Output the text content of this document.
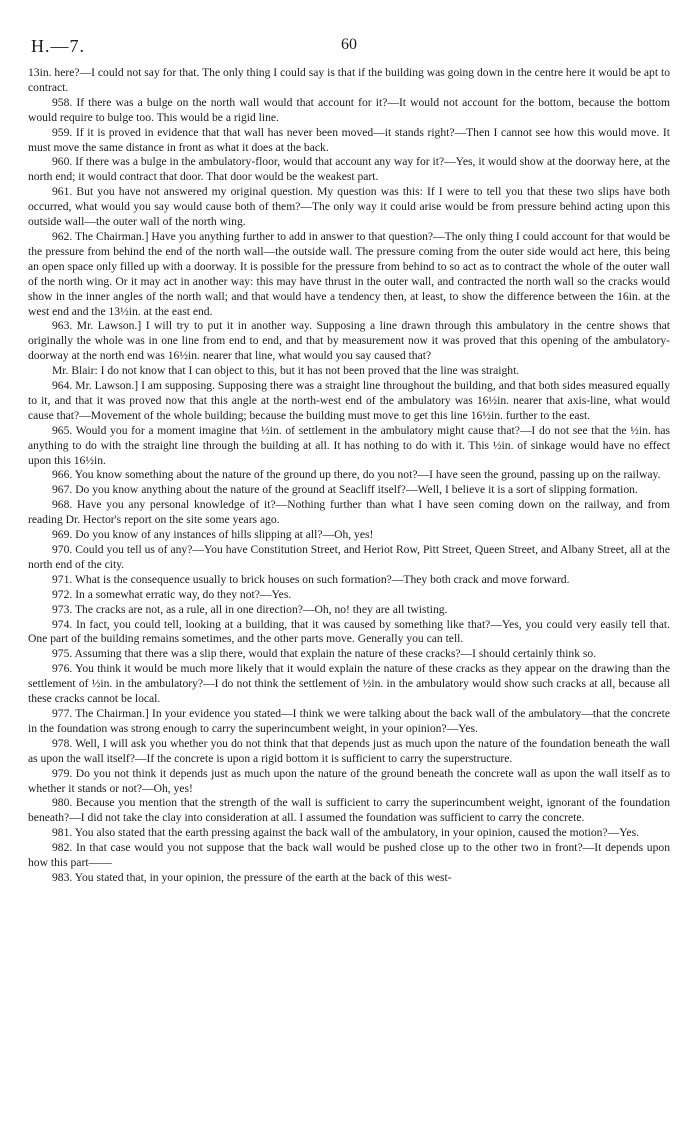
H.—7.	60

13in. here?—I could not say for that. The only thing I could say is that if the building was going down in the centre here it would be apt to contract.

958. If there was a bulge on the north wall would that account for it?—It would not account for the bottom, because the bottom would require to bulge too. This would be a rigid line.

959. If it is proved in evidence that that wall has never been moved—it stands right?—Then I cannot see how this would move. It must move the same distance in front as what it does at the back.

960. If there was a bulge in the ambulatory-floor, would that account any way for it?—Yes, it would show at the doorway here, at the north end; it would contract that door. That door would be the weakest part.

961. But you have not answered my original question. My question was this: If I were to tell you that these two slips have both occurred, what would you say would cause both of them?—The only way it could arise would be from pressure behind acting upon this outside wall—the outer wall of the north wing.

962. The Chairman.] Have you anything further to add in answer to that question?—The only thing I could account for that would be the pressure from behind the end of the north wall—the outside wall. The pressure coming from the outer side would act here, this being an open space only filled up with a doorway. It is possible for the pressure from behind to so act as to contract the whole of the outer wall of the north wing. Or it may act in another way: this may have thrust in the outer wall, and contracted the north wall so the cracks would show in the inner angles of the north wall; and that would have a tendency then, at least, to show the difference between the 16in. at the west end and the 13½in. at the east end.

963. Mr. Lawson.] I will try to put it in another way. Supposing a line drawn through this ambulatory in the centre shows that originally the whole was in one line from end to end, and that by measurement now it was proved that this opening of the ambulatory-doorway at the north end was 16½in. nearer that line, what would you say caused that?

Mr. Blair: I do not know that I can object to this, but it has not been proved that the line was straight.

964. Mr. Lawson.] I am supposing. Supposing there was a straight line throughout the building, and that both sides measured equally to it, and that it was proved now that this angle at the north-west end of the ambulatory was 16½in. nearer that axis-line, what would cause that?—Movement of the whole building; because the building must move to get this line 16½in. further to the east.

965. Would you for a moment imagine that ½in. of settlement in the ambulatory might cause that?—I do not see that the ½in. has anything to do with the straight line through the building at all. It has nothing to do with it. This ½in. of sinkage would have no effect upon this 16½in.

966. You know something about the nature of the ground up there, do you not?—I have seen the ground, passing up on the railway.

967. Do you know anything about the nature of the ground at Seacliff itself?—Well, I believe it is a sort of slipping formation.

968. Have you any personal knowledge of it?—Nothing further than what I have seen coming down on the railway, and from reading Dr. Hector's report on the site some years ago.

969. Do you know of any instances of hills slipping at all?—Oh, yes!

970. Could you tell us of any?—You have Constitution Street, and Heriot Row, Pitt Street, Queen Street, and Albany Street, all at the north end of the city.

971. What is the consequence usually to brick houses on such formation?—They both crack and move forward.

972. In a somewhat erratic way, do they not?—Yes.

973. The cracks are not, as a rule, all in one direction?—Oh, no! they are all twisting.

974. In fact, you could tell, looking at a building, that it was caused by something like that?—Yes, you could very easily tell that. One part of the building remains sometimes, and the other parts move. Generally you can tell.

975. Assuming that there was a slip there, would that explain the nature of these cracks?—I should certainly think so.

976. You think it would be much more likely that it would explain the nature of these cracks as they appear on the drawing than the settlement of ½in. in the ambulatory?—I do not think the settlement of ½in. in the ambulatory would show such cracks at all, because all these cracks cannot be local.

977. The Chairman.] In your evidence you stated—I think we were talking about the back wall of the ambulatory—that the concrete in the foundation was strong enough to carry the superincumbent weight, in your opinion?—Yes.

978. Well, I will ask you whether you do not think that that depends just as much upon the nature of the foundation beneath the wall as upon the wall itself?—If the concrete is upon a rigid bottom it is sufficient to carry the superstructure.

979. Do you not think it depends just as much upon the nature of the ground beneath the concrete wall as upon the wall itself as to whether it stands or not?—Oh, yes!

980. Because you mention that the strength of the wall is sufficient to carry the superincumbent weight, ignorant of the foundation beneath?—I did not take the clay into consideration at all. I assumed the foundation was sufficient to carry the concrete.

981. You also stated that the earth pressing against the back wall of the ambulatory, in your opinion, caused the motion?—Yes.

982. In that case would you not suppose that the back wall would be pushed close up to the other two in front?—It depends upon how this part——

983. You stated that, in your opinion, the pressure of the earth at the back of this west-
